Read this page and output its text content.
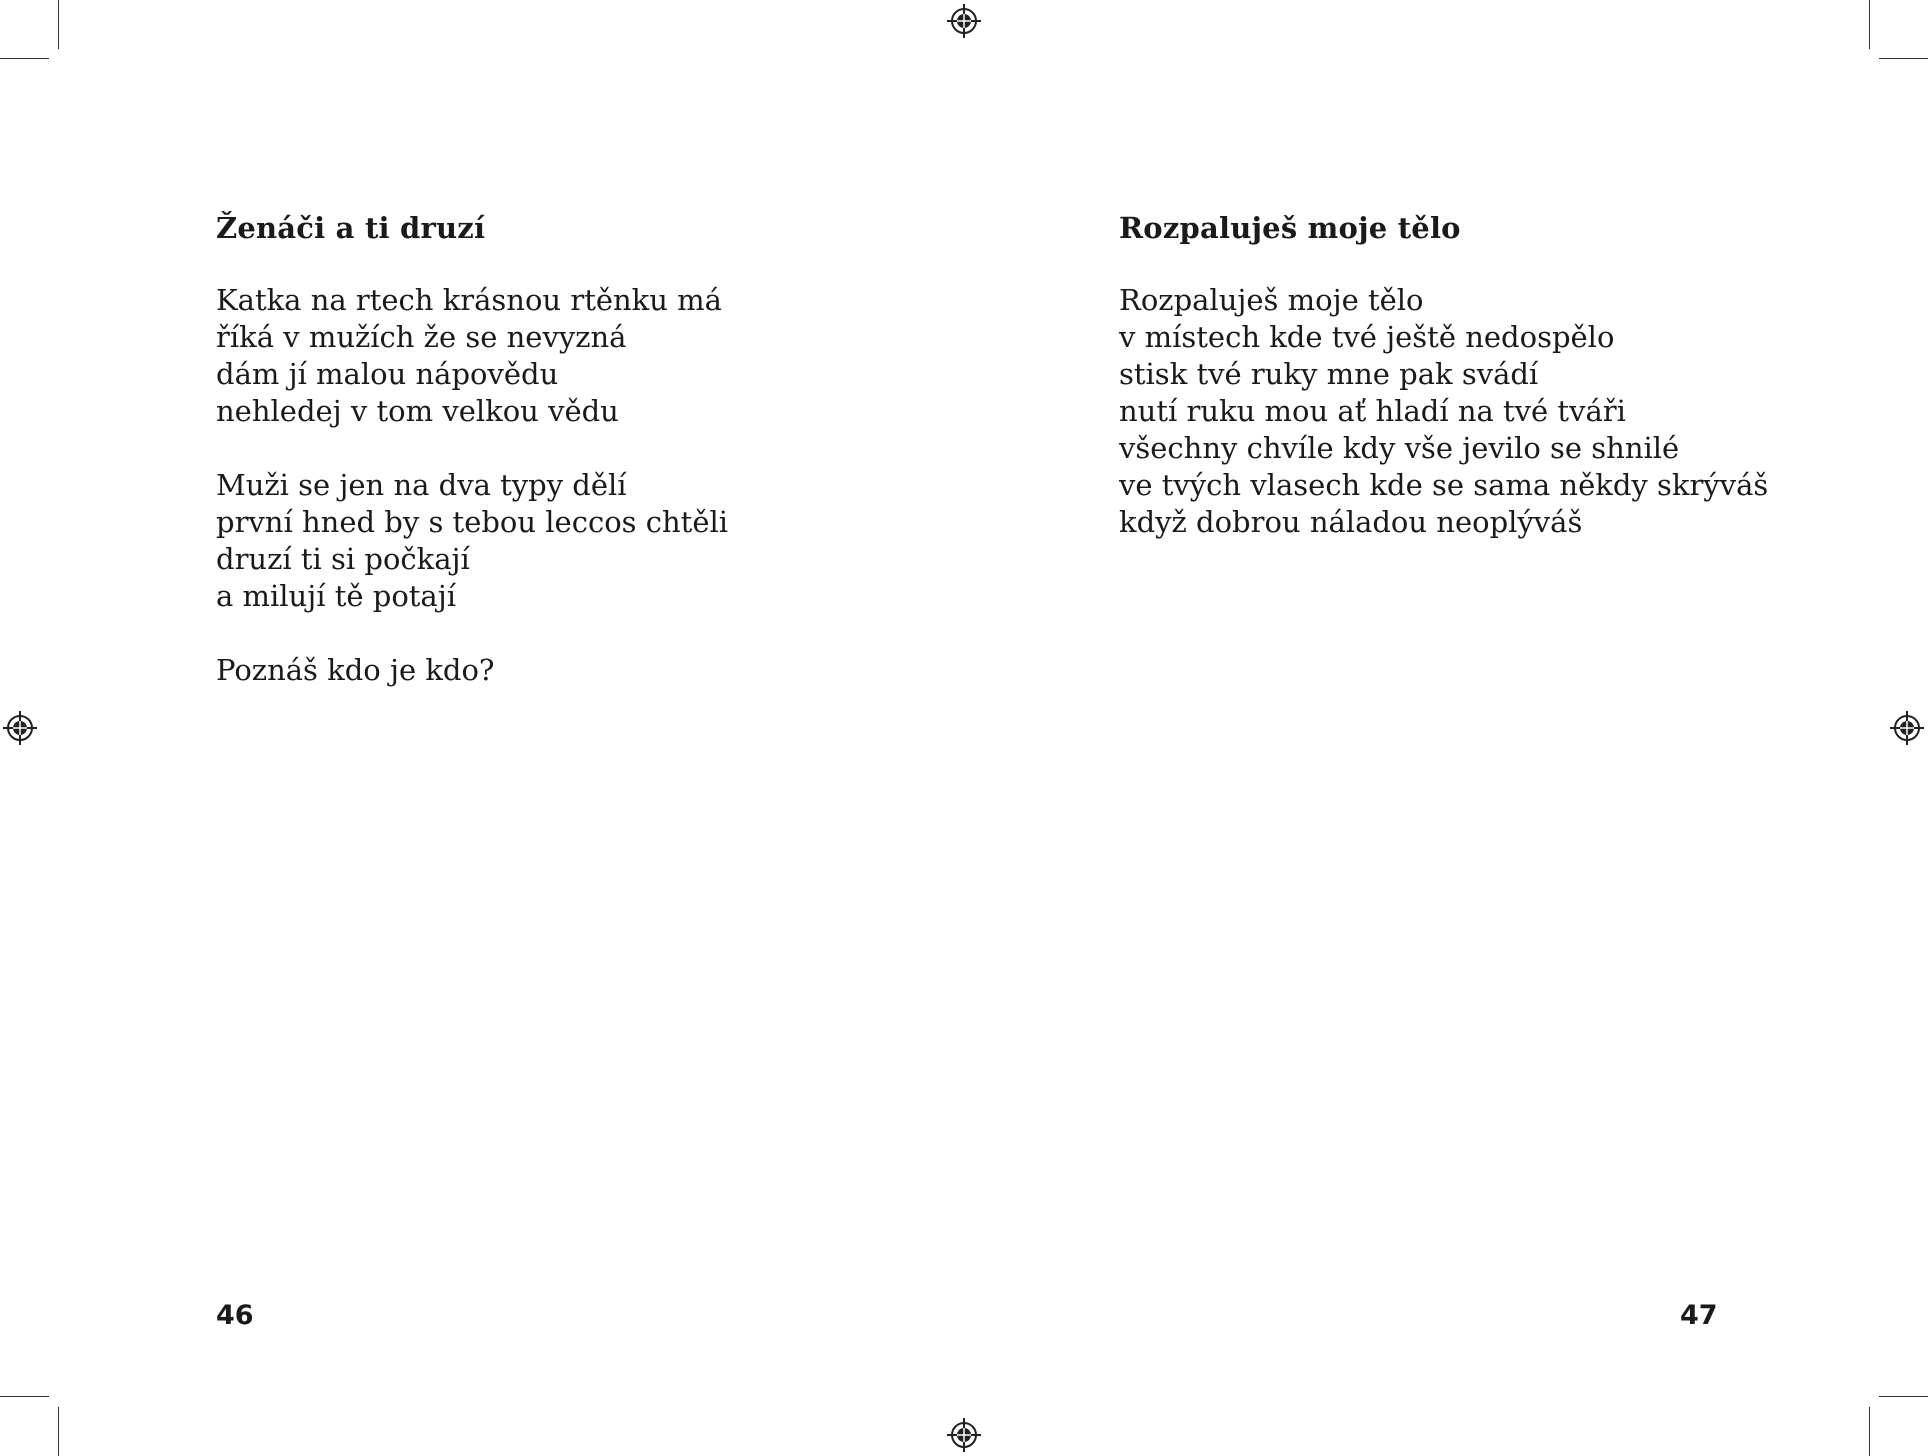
Ženáči a ti druzí

Katka na rtech krásnou rtěnku má
říká v mužích že se nevyzná
dám jí malou nápovědu
nehledej v tom velkou vědu

Muži se jen na dva typy dělí
první hned by s tebou leccos chtěli
druzí ti si počkají
a milují tě potají

Poznáš kdo je kdo?

Rozpaluješ moje tělo

Rozpaluješ moje tělo
v místech kde tvé ještě nedospělo
stisk tvé ruky mne pak svádí
nutí ruku mou ať hladí na tvé tváři
všechny chvíle kdy vše jevilo se shnilé
ve tvých vlasech kde se sama někdy skrýváš
když dobrou náladou neoplýváš

46	47
